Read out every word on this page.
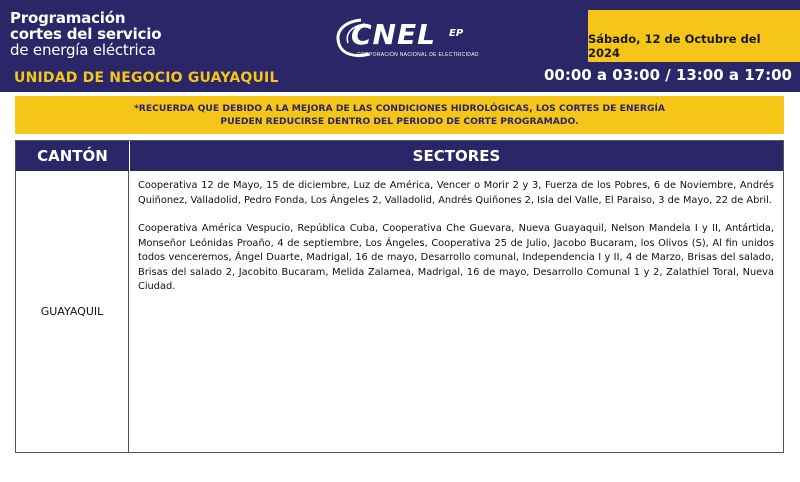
Programación
cortes del servicio
de energía eléctrica
UNIDAD DE NEGOCIO GUAYAQUIL
CNEL EP
CORPORACIÓN NACIONAL DE ELECTRICIDAD
Sábado, 12 de Octubre del 2024
00:00 a 03:00 / 13:00 a 17:00
*RECUERDA QUE DEBIDO A LA MEJORA DE LAS CONDICIONES HIDROLÓGICAS, LOS CORTES DE ENERGÍA
PUEDEN REDUCIRSE DENTRO DEL PERIODO DE CORTE PROGRAMADO.
CANTÓN	SECTORES
GUAYAQUIL

Cooperativa 12 de Mayo, 15 de diciembre, Luz de América, Vencer o Morir 2 y 3, Fuerza de los Pobres, 6 de Noviembre, Andrés Quiñonez, Valladolid, Pedro Fonda, Los Ángeles 2, Valladolid, Andrés Quiñones 2, Isla del Valle, El Paraiso, 3 de Mayo, 22 de Abril.

Cooperativa América Vespucio, República Cuba, Cooperativa Che Guevara, Nueva Guayaquil, Nelson Mandela I y II, Antártida, Monseñor Leónidas Proaño, 4 de septiembre, Los Ángeles, Cooperativa 25 de Julio, Jacobo Bucaram, los Olivos (S), Al fin unidos todos venceremos, Ángel Duarte, Madrigal, 16 de mayo, Desarrollo comunal, Independencia I y II, 4 de Marzo, Brisas del salado, Brisas del salado 2, Jacobito Bucaram, Melida Zalamea, Madrigal, 16 de mayo, Desarrollo Comunal 1 y 2, Zalathiel Toral, Nueva Ciudad.
